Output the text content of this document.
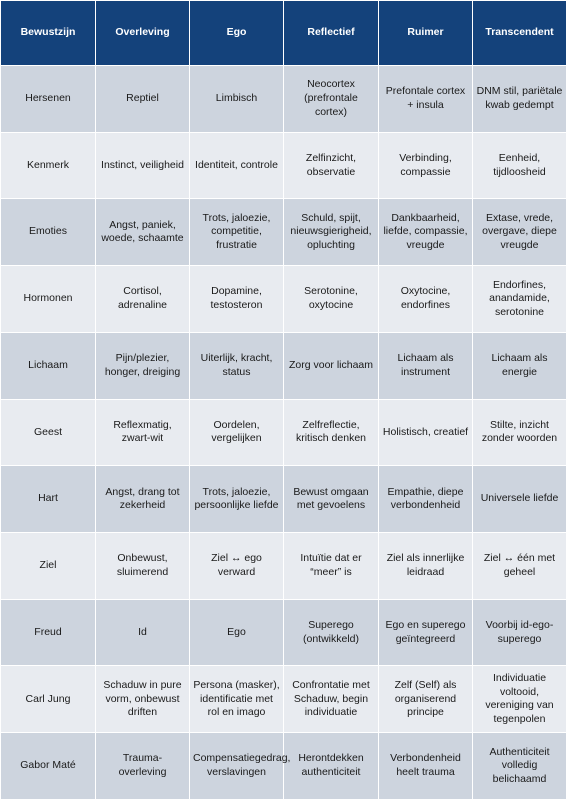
Bewustzijn	Overleving	Ego	Reflectief	Ruimer	Transcendent
Hersenen	Reptiel	Limbisch	Neocortex (prefrontale cortex)	Prefontale cortex + insula	DNM stil, pariëtale kwab gedempt
Kenmerk	Instinct, veiligheid	Identiteit, controle	Zelfinzicht, observatie	Verbinding, compassie	Eenheid, tijdloosheid
Emoties	Angst, paniek, woede, schaamte	Trots, jaloezie, competitie, frustratie	Schuld, spijt, nieuwsgierigheid, opluchting	Dankbaarheid, liefde, compassie, vreugde	Extase, vrede, overgave, diepe vreugde
Hormonen	Cortisol, adrenaline	Dopamine, testosteron	Serotonine, oxytocine	Oxytocine, endorfines	Endorfines, anandamide, serotonine
Lichaam	Pijn/plezier, honger, dreiging	Uiterlijk, kracht, status	Zorg voor lichaam	Lichaam als instrument	Lichaam als energie
Geest	Reflexmatig, zwart-wit	Oordelen, vergelijken	Zelfreflectie, kritisch denken	Holistisch, creatief	Stilte, inzicht zonder woorden
Hart	Angst, drang tot zekerheid	Trots, jaloezie, persoonlijke liefde	Bewust omgaan met gevoelens	Empathie, diepe verbondenheid	Universele liefde
Ziel	Onbewust, sluimerend	Ziel ↔ ego verward	Intuïtie dat er “meer” is	Ziel als innerlijke leidraad	Ziel ↔ één met geheel
Freud	Id	Ego	Superego (ontwikkeld)	Ego en superego geïntegreerd	Voorbij id-ego-superego
Carl Jung	Schaduw in pure vorm, onbewust driften	Persona (masker), identificatie met rol en imago	Confrontatie met Schaduw, begin individuatie	Zelf (Self) als organiserend principe	Individuatie voltooid, vereniging van tegenpolen
Gabor Maté	Trauma-overleving	Compensatiegedrag, verslavingen	Herontdekken authenticiteit	Verbondenheid heelt trauma	Authenticiteit volledig belichaamd
